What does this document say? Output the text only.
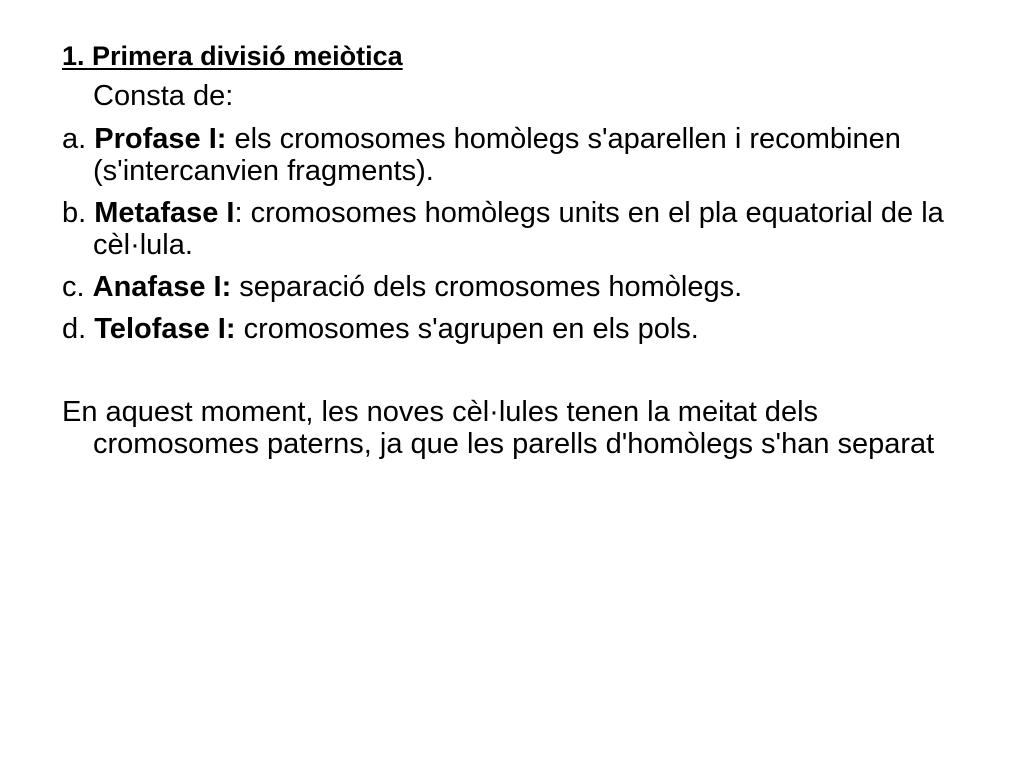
1. Primera divisió meiòtica

Consta de:

a. Profase I: els cromosomes homòlegs s'aparellen i recombinen (s'intercanvien fragments).

b. Metafase I: cromosomes homòlegs units en el pla equatorial de la cèl·lula.

c. Anafase I: separació dels cromosomes homòlegs.

d. Telofase I: cromosomes s'agrupen en els pols.

En aquest moment, les noves cèl·lules tenen la meitat dels cromosomes paterns, ja que les parells d'homòlegs s'han separat
